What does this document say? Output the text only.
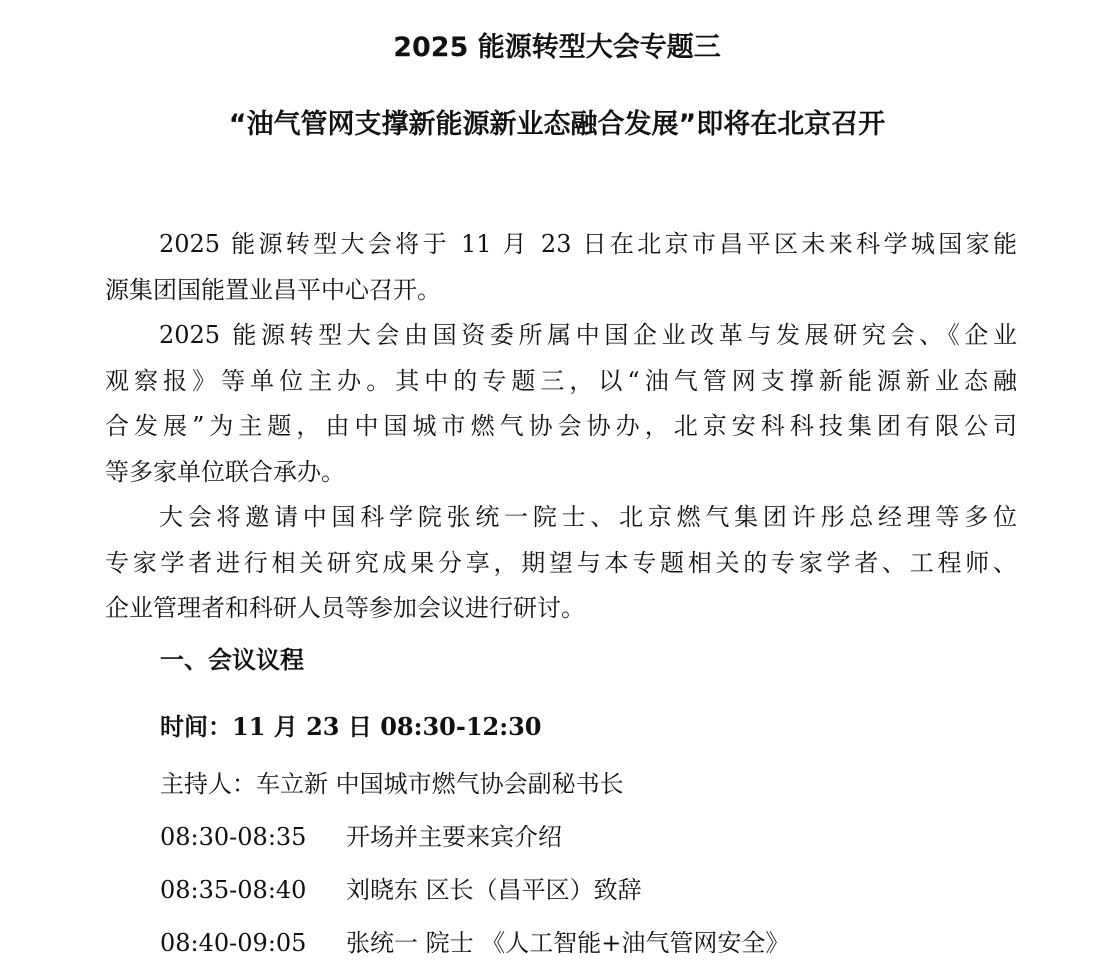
2025 能源转型大会专题三
“油气管网支撑新能源新业态融合发展”即将在北京召开
2025 能源转型大会将于 11 月 23 日在北京市昌平区未来科学城国家能
源集团国能置业昌平中心召开。
2025 能源转型大会由国资委所属中国企业改革与发展研究会、《企业
观察报》等单位主办。其中的专题三，以“油气管网支撑新能源新业态融
合发展”为主题，由中国城市燃气协会协办，北京安科科技集团有限公司
等多家单位联合承办。
大会将邀请中国科学院张统一院士、北京燃气集团许彤总经理等多位
专家学者进行相关研究成果分享，期望与本专题相关的专家学者、工程师、
企业管理者和科研人员等参加会议进行研讨。
一、会议议程
时间：11 月 23 日 08:30-12:30
主持人：车立新 中国城市燃气协会副秘书长
08:30-08:35 开场并主要来宾介绍
08:35-08:40 刘晓东 区长（昌平区）致辞
08:40-09:05 张统一 院士 《人工智能+油气管网安全》
